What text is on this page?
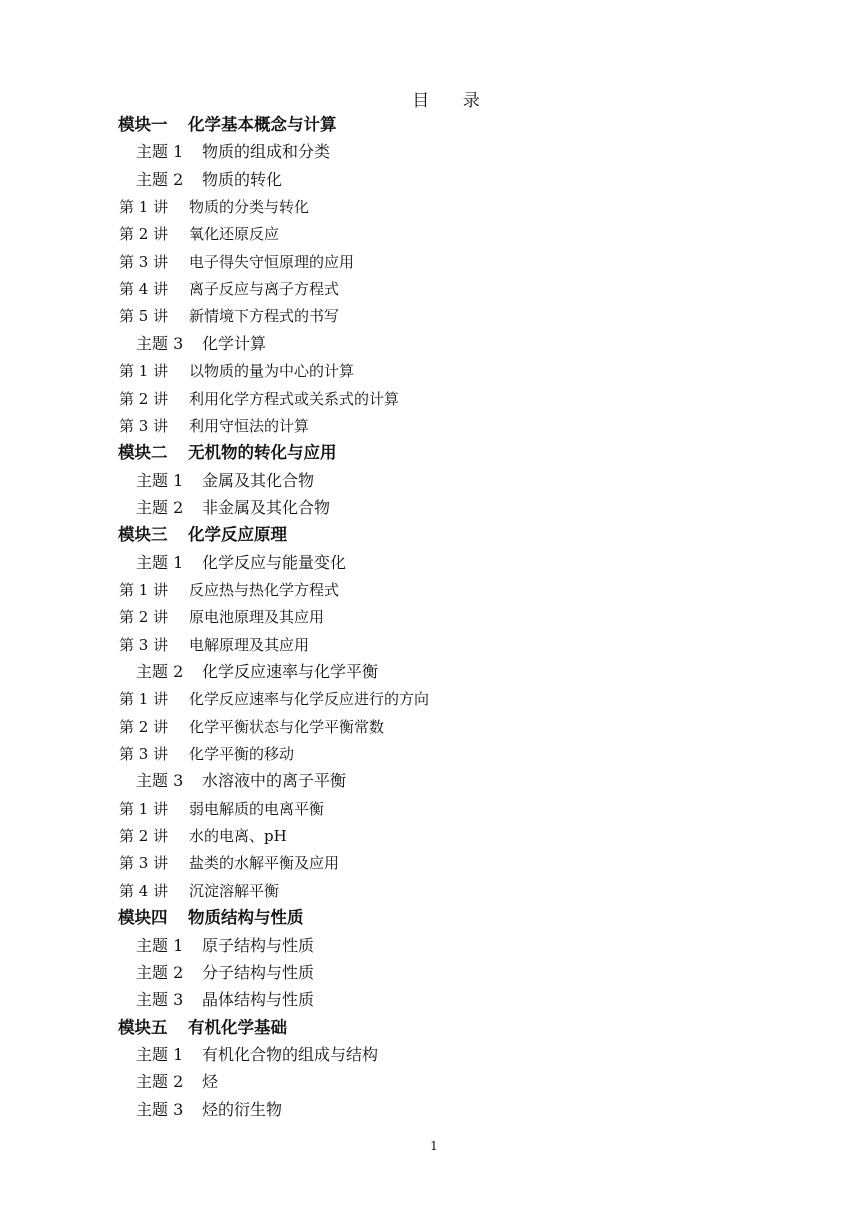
目 录
模块一 化学基本概念与计算
主题 1 物质的组成和分类
主题 2 物质的转化
第 1 讲 物质的分类与转化
第 2 讲 氧化还原反应
第 3 讲 电子得失守恒原理的应用
第 4 讲 离子反应与离子方程式
第 5 讲 新情境下方程式的书写
主题 3 化学计算
第 1 讲 以物质的量为中心的计算
第 2 讲 利用化学方程式或关系式的计算
第 3 讲 利用守恒法的计算
模块二 无机物的转化与应用
主题 1 金属及其化合物
主题 2 非金属及其化合物
模块三 化学反应原理
主题 1 化学反应与能量变化
第 1 讲 反应热与热化学方程式
第 2 讲 原电池原理及其应用
第 3 讲 电解原理及其应用
主题 2 化学反应速率与化学平衡
第 1 讲 化学反应速率与化学反应进行的方向
第 2 讲 化学平衡状态与化学平衡常数
第 3 讲 化学平衡的移动
主题 3 水溶液中的离子平衡
第 1 讲 弱电解质的电离平衡
第 2 讲 水的电离、pH
第 3 讲 盐类的水解平衡及应用
第 4 讲 沉淀溶解平衡
模块四 物质结构与性质
主题 1 原子结构与性质
主题 2 分子结构与性质
主题 3 晶体结构与性质
模块五 有机化学基础
主题 1 有机化合物的组成与结构
主题 2 烃
主题 3 烃的衍生物
1
